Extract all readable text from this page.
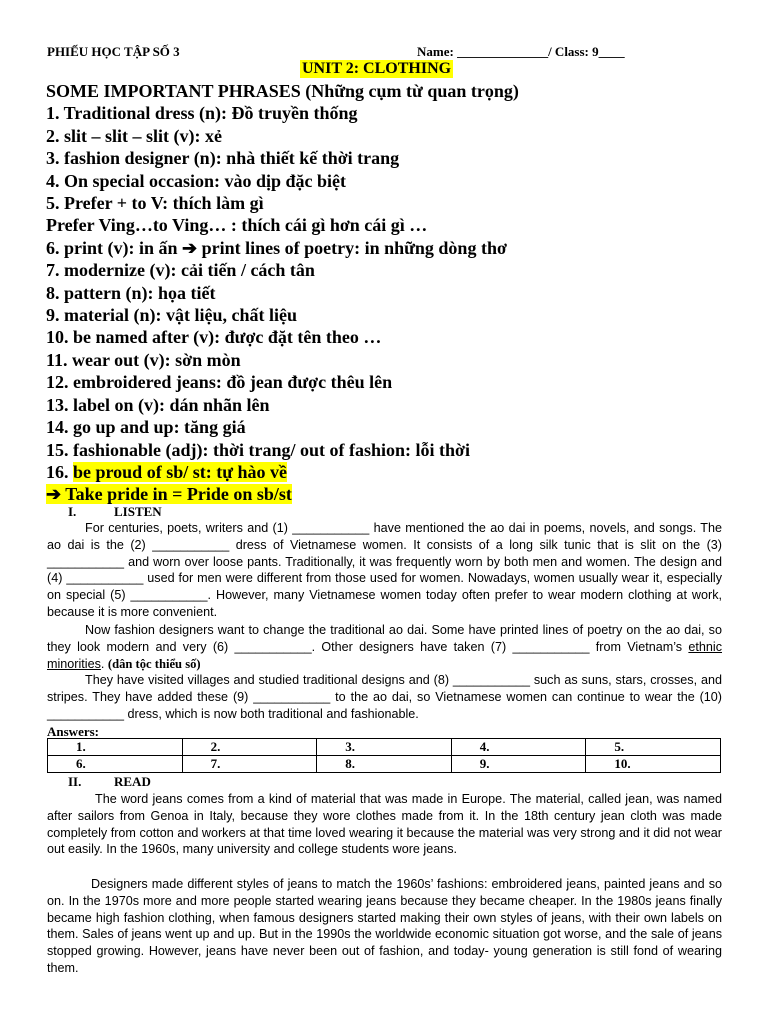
PHIẾU HỌC TẬP SỐ 3	Name: ______________/ Class: 9____
UNIT 2: CLOTHING
SOME IMPORTANT PHRASES (Những cụm từ quan trọng)
1. Traditional dress (n): Đồ truyền thống
2. slit – slit – slit (v): xẻ
3. fashion designer (n): nhà thiết kế thời trang
4. On special occasion: vào dịp đặc biệt
5. Prefer + to V: thích làm gì
Prefer Ving…to Ving… : thích cái gì hơn cái gì …
6. print (v): in ấn ➔ print lines of poetry: in những dòng thơ
7. modernize (v): cải tiến / cách tân
8. pattern (n): họa tiết
9. material (n): vật liệu, chất liệu
10. be named after (v): được đặt tên theo …
11. wear out (v): sờn mòn
12. embroidered jeans: đồ jean được thêu lên
13. label on (v): dán nhãn lên
14. go up and up: tăng giá
15. fashionable (adj): thời trang/ out of fashion: lỗi thời
16. be proud of sb/ st: tự hào về
➔ Take pride in = Pride on sb/st
I.	LISTEN
For centuries, poets, writers and (1) ___________ have mentioned the ao dai in poems, novels, and songs. The ao dai is the (2) ___________ dress of Vietnamese women. It consists of a long silk tunic that is slit on the (3) ___________ and worn over loose pants. Traditionally, it was frequently worn by both men and women. The design and (4) ___________ used for men were different from those used for women. Nowadays, women usually wear it, especially on special (5) ___________. However, many Vietnamese women today often prefer to wear modern clothing at work, because it is more convenient.
Now fashion designers want to change the traditional ao dai. Some have printed lines of poetry on the ao dai, so they look modern and very (6) ___________. Other designers have taken (7) ___________ from Vietnam’s ethnic minorities. (dân tộc thiểu số)
They have visited villages and studied traditional designs and (8) ___________ such as suns, stars, crosses, and stripes. They have added these (9) ___________ to the ao dai, so Vietnamese women can continue to wear the (10) ___________ dress, which is now both traditional and fashionable.
Answers:
1.	2.	3.	4.	5.
6.	7.	8.	9.	10.
II.	READ
The word jeans comes from a kind of material that was made in Europe. The material, called jean, was named after sailors from Genoa in Italy, because they wore clothes made from it. In the 18th century jean cloth was made completely from cotton and workers at that time loved wearing it because the material was very strong and it did not wear out easily. In the 1960s, many university and college students wore jeans.
Designers made different styles of jeans to match the 1960s’ fashions: embroidered jeans, painted jeans and so on. In the 1970s more and more people started wearing jeans because they became cheaper. In the 1980s jeans finally became high fashion clothing, when famous designers started making their own styles of jeans, with their own labels on them. Sales of jeans went up and up. But in the 1990s the worldwide economic situation got worse, and the sale of jeans stopped growing. However, jeans have never been out of fashion, and today- young generation is still fond of wearing them.
